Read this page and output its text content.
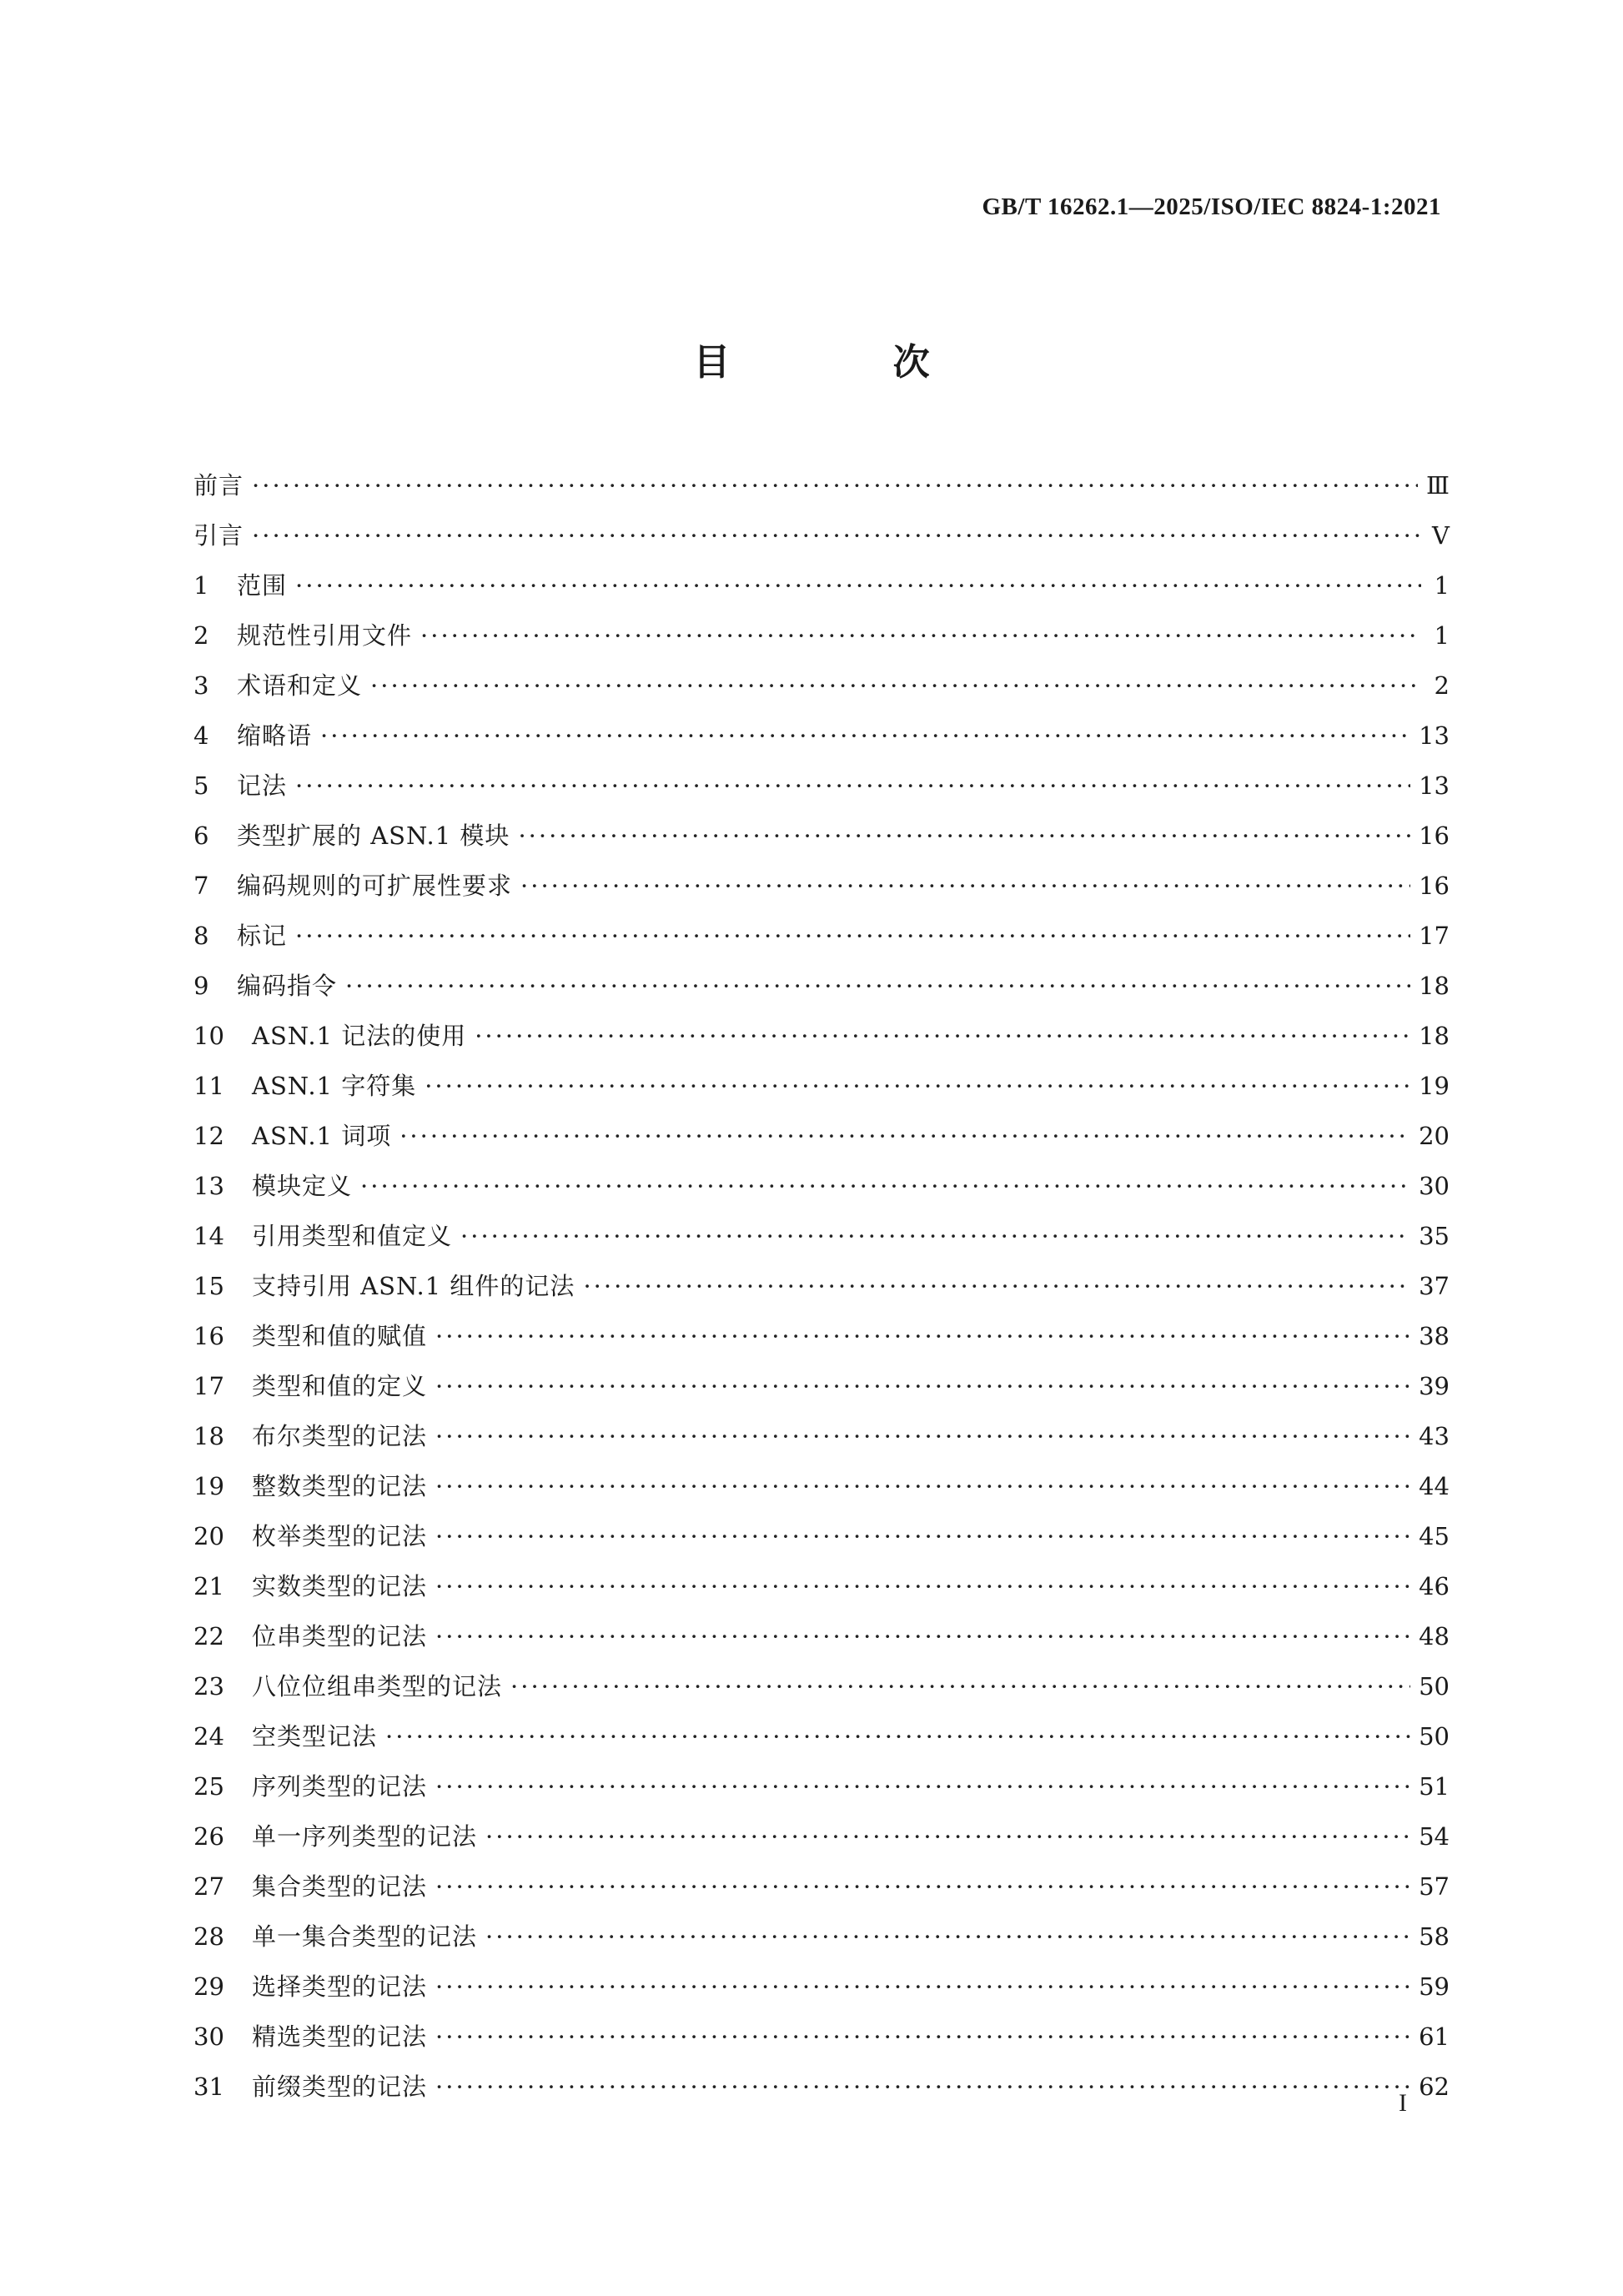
GB/T 16262.1—2025/ISO/IEC 8824-1:2021
目 次
前言 ·····	Ⅲ
引言 ·····	Ⅴ
1	范围 ·····	1
2	规范性引用文件 ·····	1
3	术语和定义 ·····	2
4	缩略语 ·····	13
5	记法 ·····	13
6	类型扩展的 ASN.1 模块 ·····	16
7	编码规则的可扩展性要求 ·····	16
8	标记 ·····	17
9	编码指令 ·····	18
10	ASN.1 记法的使用 ·····	18
11	ASN.1 字符集 ·····	19
12	ASN.1 词项 ·····	20
13	模块定义 ·····	30
14	引用类型和值定义 ·····	35
15	支持引用 ASN.1 组件的记法 ·····	37
16	类型和值的赋值 ·····	38
17	类型和值的定义 ·····	39
18	布尔类型的记法 ·····	43
19	整数类型的记法 ·····	44
20	枚举类型的记法 ·····	45
21	实数类型的记法 ·····	46
22	位串类型的记法 ·····	48
23	八位位组串类型的记法 ·····	50
24	空类型记法 ·····	50
25	序列类型的记法 ·····	51
26	单一序列类型的记法 ·····	54
27	集合类型的记法 ·····	57
28	单一集合类型的记法 ·····	58
29	选择类型的记法 ·····	59
30	精选类型的记法 ·····	61
31	前缀类型的记法 ·····	62
I
